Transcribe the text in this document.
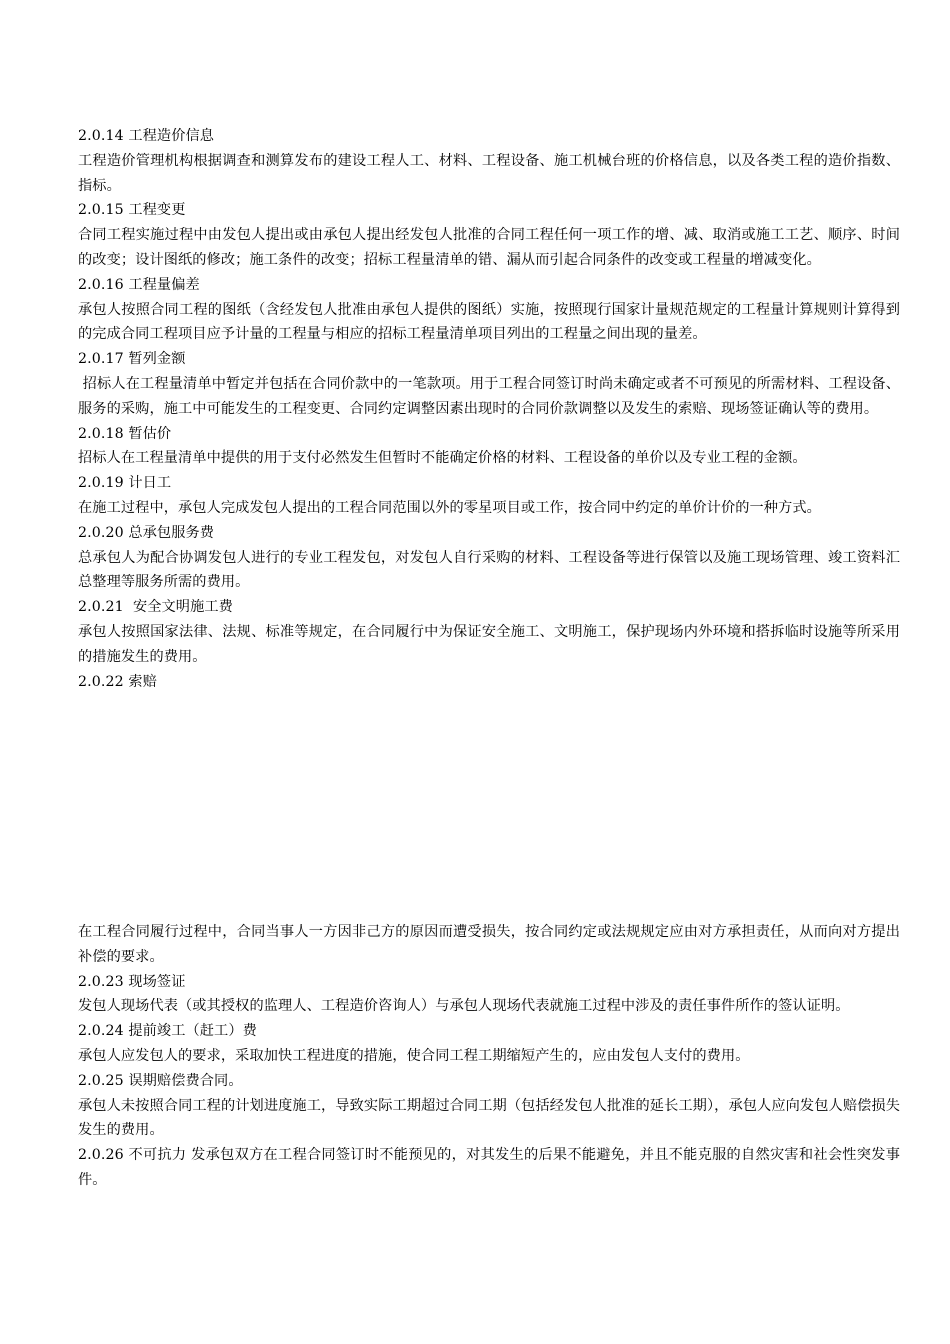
2.0.14 工程造价信息

工程造价管理机构根据调查和测算发布的建设工程人工、材料、工程设备、施工机械台班的价格信息，以及各类工程的造价指数、指标。

2.0.15 工程变更

合同工程实施过程中由发包人提出或由承包人提出经发包人批准的合同工程任何一项工作的增、减、取消或施工工艺、顺序、时间的改变；设计图纸的修改；施工条件的改变；招标工程量清单的错、漏从而引起合同条件的改变或工程量的增减变化。

2.0.16 工程量偏差

承包人按照合同工程的图纸（含经发包人批准由承包人提供的图纸）实施，按照现行国家计量规范规定的工程量计算规则计算得到的完成合同工程项目应予计量的工程量与相应的招标工程量清单项目列出的工程量之间出现的量差。

2.0.17 暂列金额

招标人在工程量清单中暂定并包括在合同价款中的一笔款项。用于工程合同签订时尚未确定或者不可预见的所需材料、工程设备、服务的采购，施工中可能发生的工程变更、合同约定调整因素出现时的合同价款调整以及发生的索赔、现场签证确认等的费用。

2.0.18 暂估价

招标人在工程量清单中提供的用于支付必然发生但暂时不能确定价格的材料、工程设备的单价以及专业工程的金额。

2.0.19 计日工

在施工过程中，承包人完成发包人提出的工程合同范围以外的零星项目或工作，按合同中约定的单价计价的一种方式。

2.0.20 总承包服务费

总承包人为配合协调发包人进行的专业工程发包，对发包人自行采购的材料、工程设备等进行保管以及施工现场管理、竣工资料汇总整理等服务所需的费用。

2.0.21  安全文明施工费

承包人按照国家法律、法规、标准等规定，在合同履行中为保证安全施工、文明施工，保护现场内外环境和搭拆临时设施等所采用的措施发生的费用。

2.0.22 索赔

在工程合同履行过程中，合同当事人一方因非己方的原因而遭受损失，按合同约定或法规规定应由对方承担责任，从而向对方提出补偿的要求。

2.0.23 现场签证

发包人现场代表（或其授权的监理人、工程造价咨询人）与承包人现场代表就施工过程中涉及的责任事件所作的签认证明。

2.0.24 提前竣工（赶工）费

承包人应发包人的要求，采取加快工程进度的措施，使合同工程工期缩短产生的，应由发包人支付的费用。

2.0.25 误期赔偿费合同。

承包人未按照合同工程的计划进度施工，导致实际工期超过合同工期（包括经发包人批准的延长工期），承包人应向发包人赔偿损失发生的费用。

2.0.26 不可抗力 发承包双方在工程合同签订时不能预见的，对其发生的后果不能避免，并且不能克服的自然灾害和社会性突发事件。
